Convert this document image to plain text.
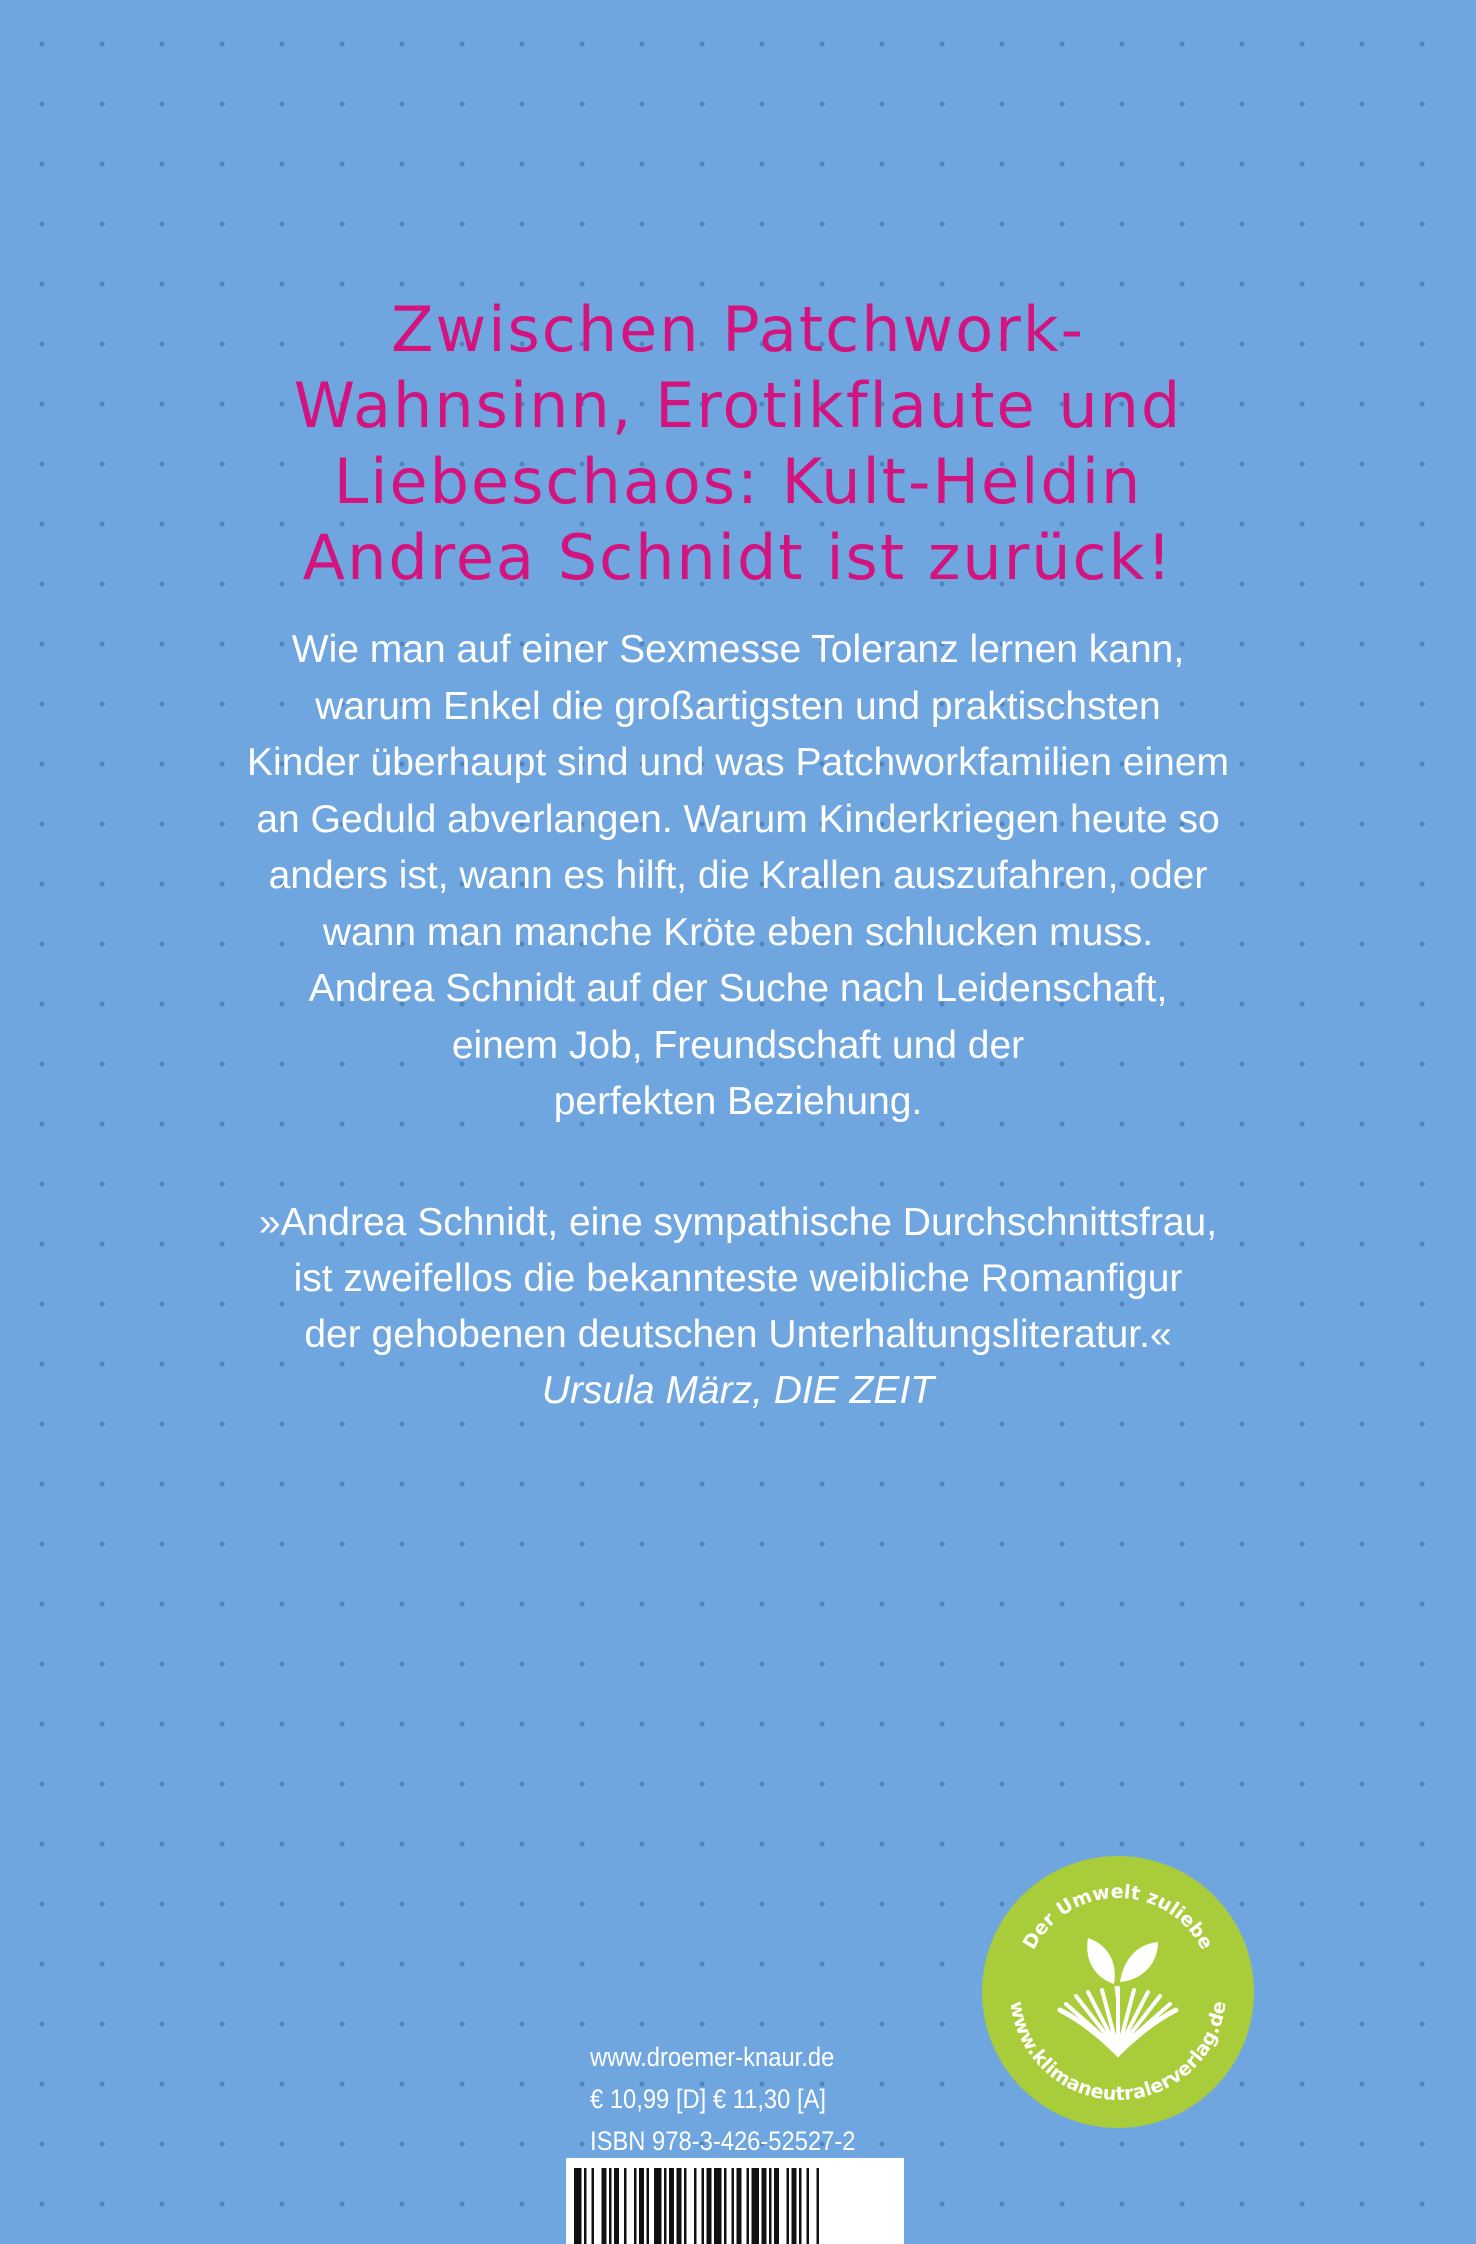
Zwischen Patchwork-
Wahnsinn, Erotikflaute und
Liebeschaos: Kult-Heldin
Andrea Schnidt ist zurück!

Wie man auf einer Sexmesse Toleranz lernen kann,
warum Enkel die großartigsten und praktischsten
Kinder überhaupt sind und was Patchworkfamilien einem
an Geduld abverlangen. Warum Kinderkriegen heute so
anders ist, wann es hilft, die Krallen auszufahren, oder
wann man manche Kröte eben schlucken muss.
Andrea Schnidt auf der Suche nach Leidenschaft,
einem Job, Freundschaft und der
perfekten Beziehung.

»Andrea Schnidt, eine sympathische Durchschnittsfrau,
ist zweifellos die bekannteste weibliche Romanfigur
der gehobenen deutschen Unterhaltungsliteratur.«
Ursula März, DIE ZEIT

www.droemer-knaur.de
€ 10,99 [D] € 11,30 [A]
ISBN 978-3-426-52527-2
Der Umwelt zuliebe
www.klimaneutralerverlag.de
